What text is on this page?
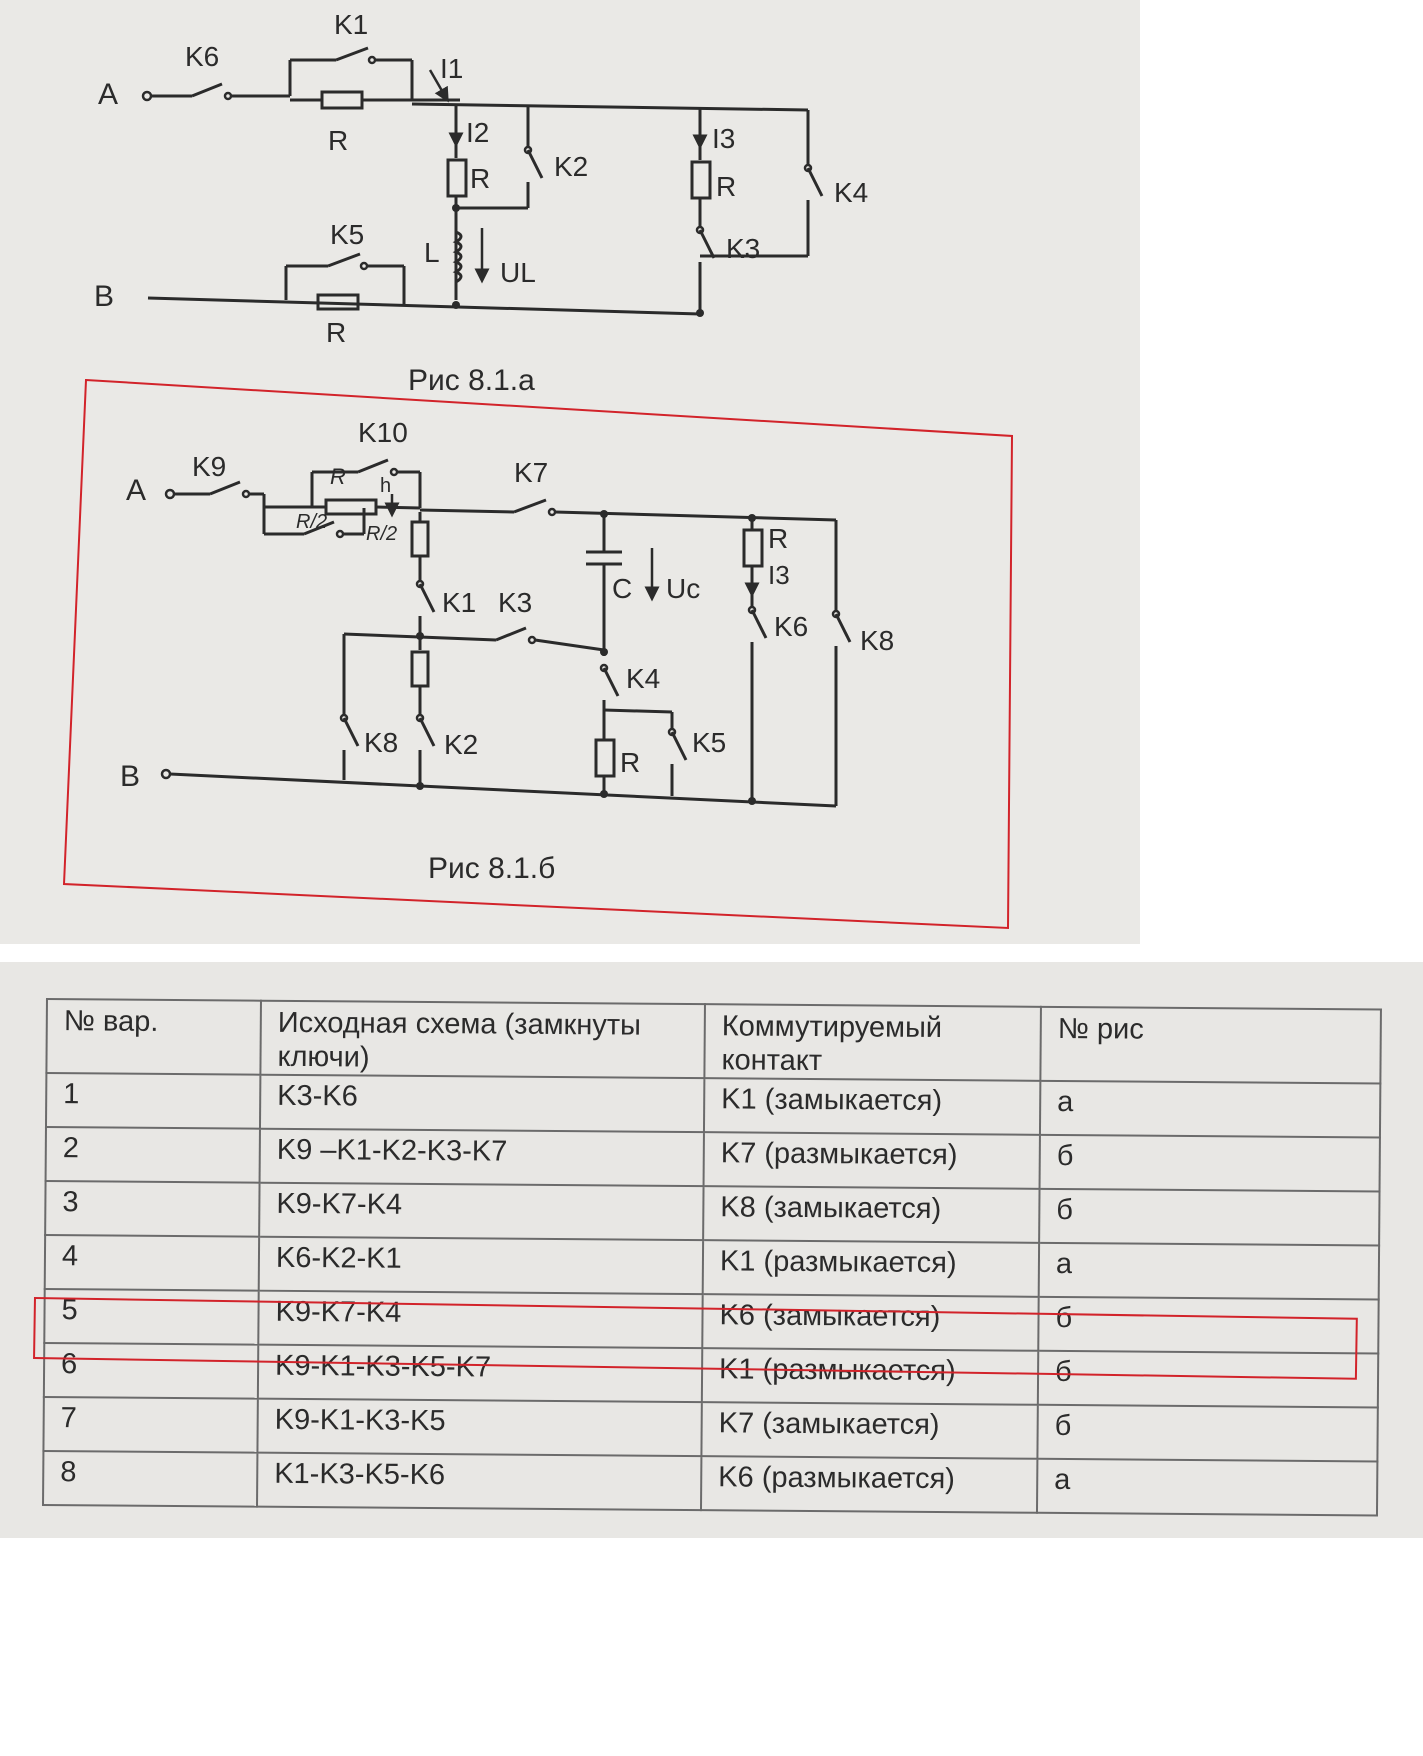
A
K6
K1
R
I1
I2
R K2
L
UL
I3
R
K3
K4
K5
B
R
A
K9
K10
R h
R/2
R/2
K7
K1 K3	C Uc
R
I3
K6 K8
K4
K5
R
K8 K2
B
Рис 8.1.а
Рис 8.1.б
№ вар.	Исходная схема (замкнуты ключи)	Коммутируемый контакт	№ рис
1	K3-K6	K1 (замыкается)	а
2	K9 –K1-K2-K3-K7	K7 (размыкается)	б
3	K9-K7-K4	K8 (замыкается)	б
4	K6-K2-K1	K1 (размыкается)	а
5	K9-K7-K4	K6 (замыкается)	б
6	K9-K1-K3-K5-K7	K1 (размыкается)	б
7	K9-K1-K3-K5	K7 (замыкается)	б
8	K1-K3-K5-K6	K6 (размыкается)	а
